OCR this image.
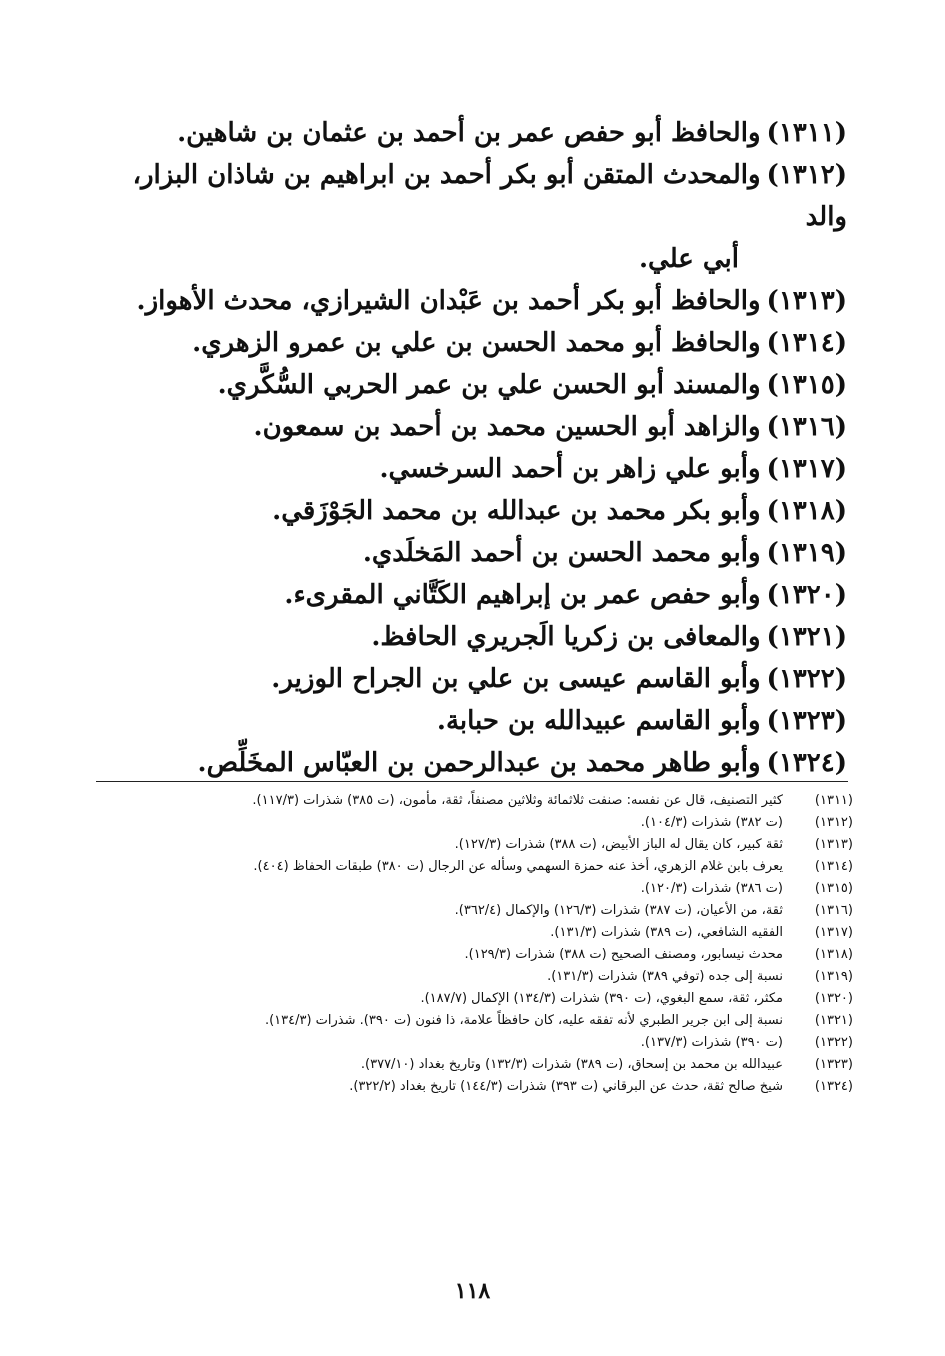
(١٣١١)والحافظ أبو حفص عمر بن أحمد بن عثمان بن شاهين.
(١٣١٢)والمحدث المتقن أبو بكر أحمد بن ابراهيم بن شاذان البزار، والد
أبي علي.
(١٣١٣)والحافظ أبو بكر أحمد بن عَبْدان الشيرازي، محدث الأهواز.
(١٣١٤)والحافظ أبو محمد الحسن بن علي بن عمرو الزهري.
(١٣١٥)والمسند أبو الحسن علي بن عمر الحربي السُّكَّري.
(١٣١٦)والزاهد أبو الحسين محمد بن أحمد بن سمعون.
(١٣١٧)وأبو علي زاهر بن أحمد السرخسي.
(١٣١٨)وأبو بكر محمد بن عبدالله بن محمد الجَوْزَقي.
(١٣١٩)وأبو محمد الحسن بن أحمد المَخلَدي.
(١٣٢٠)وأبو حفص عمر بن إبراهيم الكَتَّاني المقرىء.
(١٣٢١)والمعافى بن زكريا الَجريري الحافظ.
(١٣٢٢)وأبو القاسم عيسى بن علي بن الجراح الوزير.
(١٣٢٣)وأبو القاسم عبيدالله بن حبابة.
(١٣٢٤)وأبو طاهر محمد بن عبدالرحمن بن العبّاس المخَلِّص.
(١٣١١)
كثير التصنيف، قال عن نفسه: صنفت ثلاثمائة وثلاثين مصنفاً، ثقة، مأمون، (ت ٣٨٥) شذرات (١١٧/٣).
(١٣١٢)
(ت ٣٨٢) شذرات (١٠٤/٣).
(١٣١٣)
ثقة كبير، كان يقال له الباز الأبيض، (ت ٣٨٨) شذرات (١٢٧/٣).
(١٣١٤)
يعرف بابن غلام الزهري، أخذ عنه حمزة السهمي وسأله عن الرجال (ت ٣٨٠) طبقات الحفاظ (٤٠٤).
(١٣١٥)
(ت ٣٨٦) شذرات (١٢٠/٣).
(١٣١٦)
ثقة، من الأعيان، (ت ٣٨٧) شذرات (١٢٦/٣) والإكمال (٣٦٢/٤).
(١٣١٧)
الفقيه الشافعي، (ت ٣٨٩) شذرات (١٣١/٣).
(١٣١٨)
محدث نيسابور، ومصنف الصحيح (ت ٣٨٨) شذرات (١٢٩/٣).
(١٣١٩)
نسبة إلى جده (توفي ٣٨٩) شذرات (١٣١/٣).
(١٣٢٠)
مكثر، ثقة، سمع البغوي، (ت ٣٩٠) شذرات (١٣٤/٣) الإكمال (١٨٧/٧).
(١٣٢١)
نسبة إلى ابن جرير الطبري لأنه تفقه عليه، كان حافظاً علامة، ذا فنون (ت ٣٩٠). شذرات (١٣٤/٣).
(١٣٢٢)
(ت ٣٩٠) شذرات (١٣٧/٣).
(١٣٢٣)
عبيدالله بن محمد بن إسحاق، (ت ٣٨٩) شذرات (١٣٢/٣) وتاريخ بغداد (٣٧٧/١٠).
(١٣٢٤)
شيخ صالح ثقة، حدث عن البرقاني (ت ٣٩٣) شذرات (١٤٤/٣) تاريخ بغداد (٣٢٢/٢).
١١٨
